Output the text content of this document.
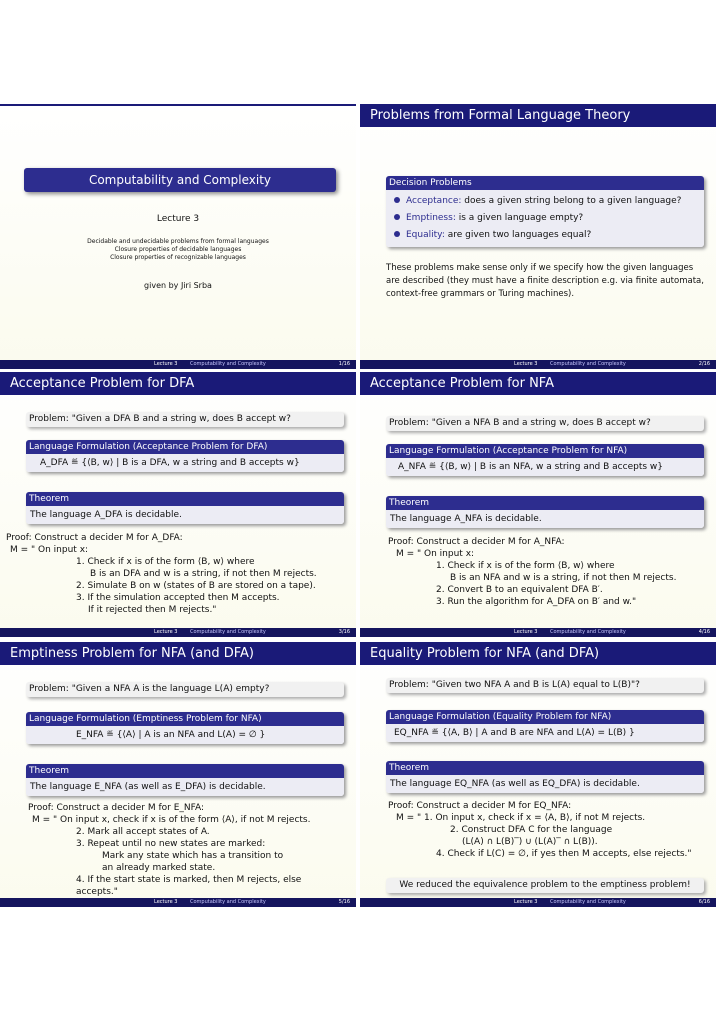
Computability and Complexity
Lecture 3
Decidable and undecidable problems from formal languages
Closure properties of decidable languages
Closure properties of recognizable languages
given by Jiri Srba
Lecture 3	Computability and Complexity	1/16
Problems from Formal Language Theory
Decision Problems
Acceptance: does a given string belong to a given language?
Emptiness: is a given language empty?
Equality: are given two languages equal?
These problems make sense only if we specify how the given languages are described (they must have a finite description e.g. via finite automata, context-free grammars or Turing machines).
Lecture 3	Computability and Complexity	2/16
Acceptance Problem for DFA
Problem: "Given a DFA B and a string w, does B accept w?
Language Formulation (Acceptance Problem for DFA)
A_DFA ≝ {⟨B, w⟩ | B is a DFA, w a string and B accepts w}
Theorem
The language A_DFA is decidable.
Proof: Construct a decider M for A_DFA:
M = " On input x:
1. Check if x is of the form ⟨B, w⟩ where
B is an DFA and w is a string, if not then M rejects.
2. Simulate B on w (states of B are stored on a tape).
3. If the simulation accepted then M accepts.
If it rejected then M rejects."
Lecture 3	Computability and Complexity	3/16
Acceptance Problem for NFA
Problem: "Given a NFA B and a string w, does B accept w?
Language Formulation (Acceptance Problem for NFA)
A_NFA ≝ {⟨B, w⟩ | B is an NFA, w a string and B accepts w}
Theorem
The language A_NFA is decidable.
Proof: Construct a decider M for A_NFA:
M = " On input x:
1. Check if x is of the form ⟨B, w⟩ where
B is an NFA and w is a string, if not then M rejects.
2. Convert B to an equivalent DFA B′.
3. Run the algorithm for A_DFA on B′ and w."
Lecture 3	Computability and Complexity	4/16
Emptiness Problem for NFA (and DFA)
Problem: "Given a NFA A is the language L(A) empty?
Language Formulation (Emptiness Problem for NFA)
E_NFA ≝ {⟨A⟩ | A is an NFA and L(A) = ∅ }
Theorem
The language E_NFA (as well as E_DFA) is decidable.
Proof: Construct a decider M for E_NFA:
M = " On input x, check if x is of the form ⟨A⟩, if not M rejects.
2. Mark all accept states of A.
3. Repeat until no new states are marked:
Mark any state which has a transition to
an already marked state.
4. If the start state is marked, then M rejects, else accepts."
Lecture 3	Computability and Complexity	5/16
Equality Problem for NFA (and DFA)
Problem: "Given two NFA A and B is L(A) equal to L(B)"?
Language Formulation (Equality Problem for NFA)
EQ_NFA ≝ {⟨A, B⟩ | A and B are NFA and L(A) = L(B) }
Theorem
The language EQ_NFA (as well as EQ_DFA) is decidable.
Proof: Construct a decider M for EQ_NFA:
M = " 1. On input x, check if x = ⟨A, B⟩, if not M rejects.
2. Construct DFA C for the language
(L(A) ∩ L(B)‾) ∪ (L(A)‾ ∩ L(B)).
4. Check if L(C) = ∅, if yes then M accepts, else rejects."
We reduced the equivalence problem to the emptiness problem!
Lecture 3	Computability and Complexity	6/16
